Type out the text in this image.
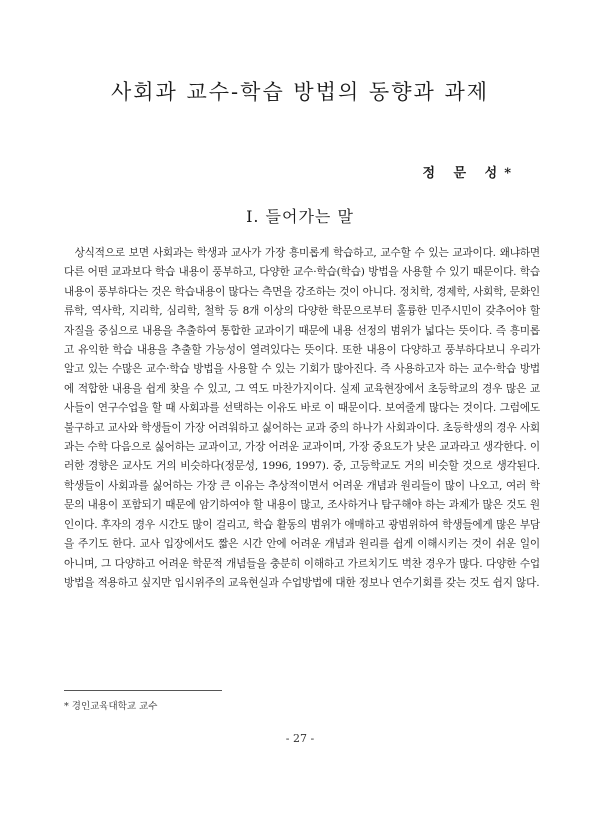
사회과 교수-학습 방법의 동향과 과제
정 문 성*
Ⅰ. 들어가는 말

상식적으로 보면 사회과는 학생과 교사가 가장 흥미롭게 학습하고, 교수할 수 있는 교과이다. 왜냐하면 다른 어떤 교과보다 학습 내용이 풍부하고, 다양한 교수·학습(학습) 방법을 사용할 수 있기 때문이다. 학습 내용이 풍부하다는 것은 학습내용이 많다는 측면을 강조하는 것이 아니다. 정치학, 경제학, 사회학, 문화인류학, 역사학, 지리학, 심리학, 철학 등 8개 이상의 다양한 학문으로부터 훌륭한 민주시민이 갖추어야 할 자질을 중심으로 내용을 추출하여 통합한 교과이기 때문에 내용 선정의 범위가 넓다는 뜻이다. 즉 흥미롭고 유익한 학습 내용을 추출할 가능성이 열려있다는 뜻이다. 또한 내용이 다양하고 풍부하다보니 우리가 알고 있는 수많은 교수·학습 방법을 사용할 수 있는 기회가 많아진다. 즉 사용하고자 하는 교수·학습 방법에 적합한 내용을 쉽게 찾을 수 있고, 그 역도 마찬가지이다. 실제 교육현장에서 초등학교의 경우 많은 교사들이 연구수업을 할 때 사회과를 선택하는 이유도 바로 이 때문이다. 보여줄게 많다는 것이다. 그럼에도 불구하고 교사와 학생들이 가장 어려워하고 싫어하는 교과 중의 하나가 사회과이다. 초등학생의 경우 사회과는 수학 다음으로 싫어하는 교과이고, 가장 어려운 교과이며, 가장 중요도가 낮은 교과라고 생각한다. 이러한 경향은 교사도 거의 비슷하다(정문성, 1996, 1997). 중, 고등학교도 거의 비슷할 것으로 생각된다. 학생들이 사회과를 싫어하는 가장 큰 이유는 추상적이면서 어려운 개념과 원리들이 많이 나오고, 여러 학문의 내용이 포함되기 때문에 암기하여야 할 내용이 많고, 조사하거나 탐구해야 하는 과제가 많은 것도 원인이다. 후자의 경우 시간도 많이 걸리고, 학습 활동의 범위가 애매하고 광범위하여 학생들에게 많은 부담을 주기도 한다. 교사 입장에서도 짧은 시간 안에 어려운 개념과 원리를 쉽게 이해시키는 것이 쉬운 일이 아니며, 그 다양하고 어려운 학문적 개념들을 충분히 이해하고 가르치기도 벅찬 경우가 많다. 다양한 수업 방법을 적용하고 싶지만 입시위주의 교육현실과 수업방법에 대한 정보나 연수기회를 갖는 것도 쉽지 않다.

* 경인교육대학교 교수
- 27 -
